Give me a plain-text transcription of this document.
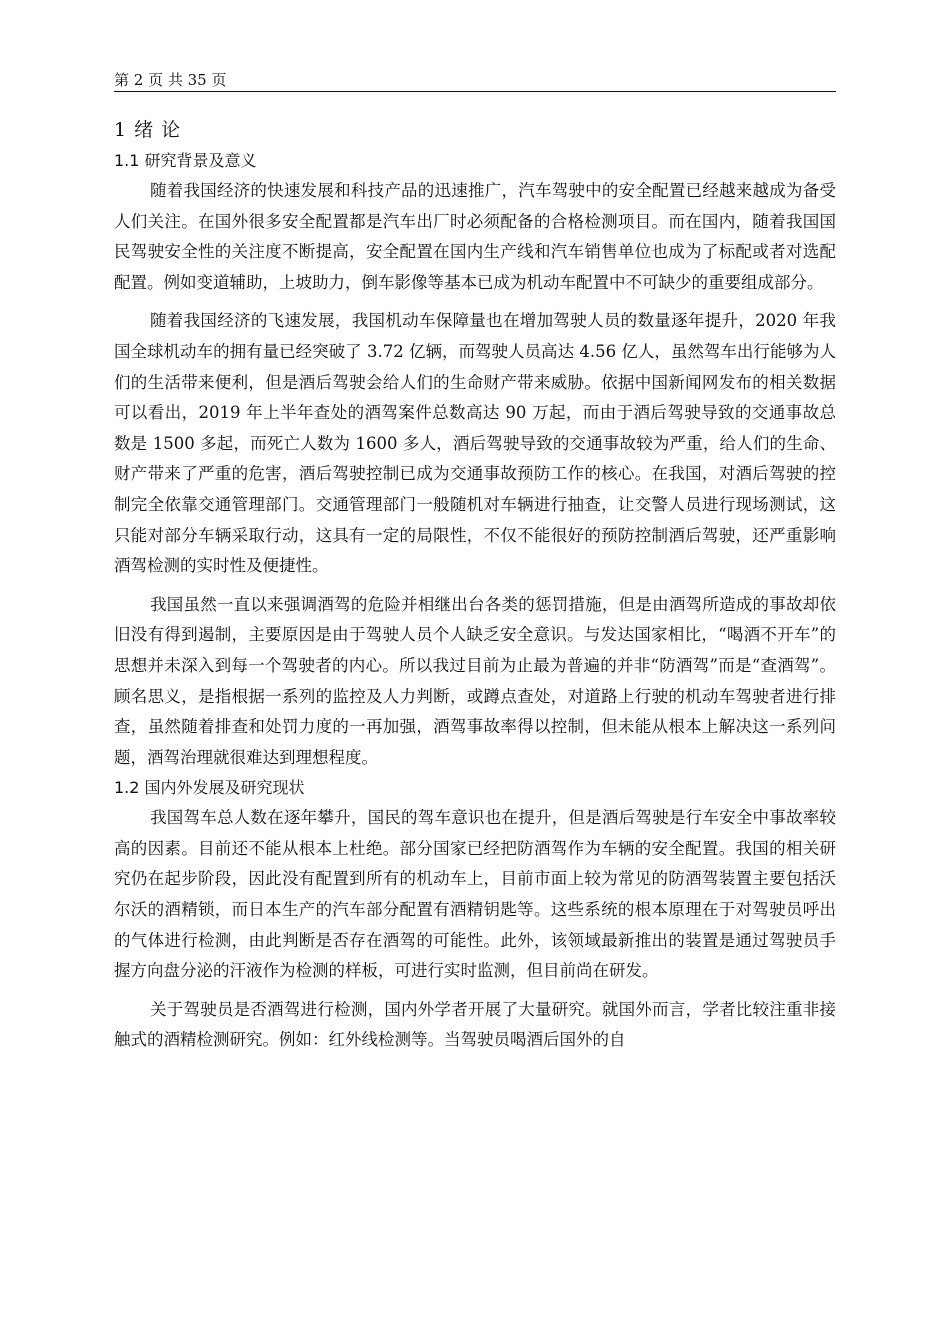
第 2 页 共 35 页
1 绪 论
1.1 研究背景及意义

随着我国经济的快速发展和科技产品的迅速推广，汽车驾驶中的安全配置已经越来越成为备受人们关注。在国外很多安全配置都是汽车出厂时必须配备的合格检测项目。而在国内，随着我国国民驾驶安全性的关注度不断提高，安全配置在国内生产线和汽车销售单位也成为了标配或者对选配配置。例如变道辅助，上坡助力，倒车影像等基本已成为机动车配置中不可缺少的重要组成部分。

随着我国经济的飞速发展，我国机动车保障量也在增加驾驶人员的数量逐年提升，2020 年我国全球机动车的拥有量已经突破了 3.72 亿辆，而驾驶人员高达 4.56 亿人，虽然驾车出行能够为人们的生活带来便利，但是酒后驾驶会给人们的生命财产带来威胁。依据中国新闻网发布的相关数据可以看出，2019 年上半年查处的酒驾案件总数高达 90 万起，而由于酒后驾驶导致的交通事故总数是 1500 多起，而死亡人数为 1600 多人，酒后驾驶导致的交通事故较为严重，给人们的生命、财产带来了严重的危害，酒后驾驶控制已成为交通事故预防工作的核心。在我国，对酒后驾驶的控制完全依靠交通管理部门。交通管理部门一般随机对车辆进行抽查，让交警人员进行现场测试，这只能对部分车辆采取行动，这具有一定的局限性，不仅不能很好的预防控制酒后驾驶，还严重影响酒驾检测的实时性及便捷性。

我国虽然一直以来强调酒驾的危险并相继出台各类的惩罚措施，但是由酒驾所造成的事故却依旧没有得到遏制，主要原因是由于驾驶人员个人缺乏安全意识。与发达国家相比，“喝酒不开车”的思想并未深入到每一个驾驶者的内心。所以我过目前为止最为普遍的并非“防酒驾”而是“查酒驾”。顾名思义，是指根据一系列的监控及人力判断，或蹲点查处，对道路上行驶的机动车驾驶者进行排查，虽然随着排查和处罚力度的一再加强，酒驾事故率得以控制，但未能从根本上解决这一系列问题，酒驾治理就很难达到理想程度。

1.2 国内外发展及研究现状

我国驾车总人数在逐年攀升，国民的驾车意识也在提升，但是酒后驾驶是行车安全中事故率较高的因素。目前还不能从根本上杜绝。部分国家已经把防酒驾作为车辆的安全配置。我国的相关研究仍在起步阶段，因此没有配置到所有的机动车上，目前市面上较为常见的防酒驾装置主要包括沃尔沃的酒精锁，而日本生产的汽车部分配置有酒精钥匙等。这些系统的根本原理在于对驾驶员呼出的气体进行检测，由此判断是否存在酒驾的可能性。此外，该领域最新推出的装置是通过驾驶员手握方向盘分泌的汗液作为检测的样板，可进行实时监测，但目前尚在研发。

关于驾驶员是否酒驾进行检测，国内外学者开展了大量研究。就国外而言，学者比较注重非接触式的酒精检测研究。例如：红外线检测等。当驾驶员喝酒后国外的自
